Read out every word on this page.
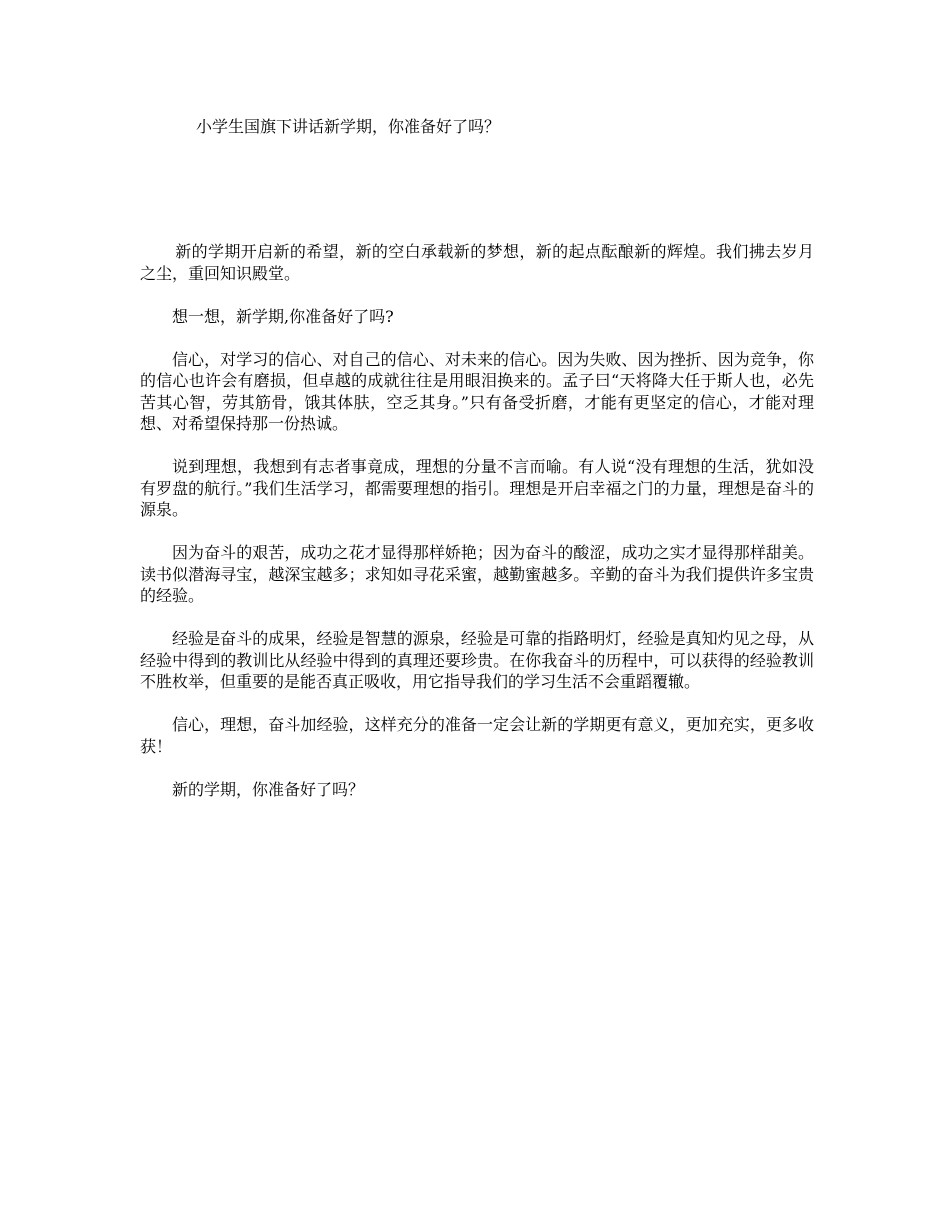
小学生国旗下讲话新学期，你准备好了吗？

新的学期开启新的希望，新的空白承载新的梦想，新的起点酝酿新的辉煌。我们拂去岁月之尘，重回知识殿堂。

想一想，新学期,你准备好了吗?

信心，对学习的信心、对自己的信心、对未来的信心。因为失败、因为挫折、因为竞争，你的信心也许会有磨损，但卓越的成就往往是用眼泪换来的。孟子曰“天将降大任于斯人也，必先苦其心智，劳其筋骨，饿其体肤，空乏其身。”只有备受折磨，才能有更坚定的信心，才能对理想、对希望保持那一份热诚。

说到理想，我想到有志者事竟成，理想的分量不言而喻。有人说“没有理想的生活，犹如没有罗盘的航行。”我们生活学习，都需要理想的指引。理想是开启幸福之门的力量，理想是奋斗的源泉。

因为奋斗的艰苦，成功之花才显得那样娇艳；因为奋斗的酸涩，成功之实才显得那样甜美。读书似潜海寻宝，越深宝越多；求知如寻花采蜜，越勤蜜越多。辛勤的奋斗为我们提供许多宝贵的经验。

经验是奋斗的成果，经验是智慧的源泉，经验是可靠的指路明灯，经验是真知灼见之母，从经验中得到的教训比从经验中得到的真理还要珍贵。在你我奋斗的历程中，可以获得的经验教训不胜枚举，但重要的是能否真正吸收，用它指导我们的学习生活不会重蹈覆辙。

信心，理想，奋斗加经验，这样充分的准备一定会让新的学期更有意义，更加充实，更多收获！

新的学期，你准备好了吗？
